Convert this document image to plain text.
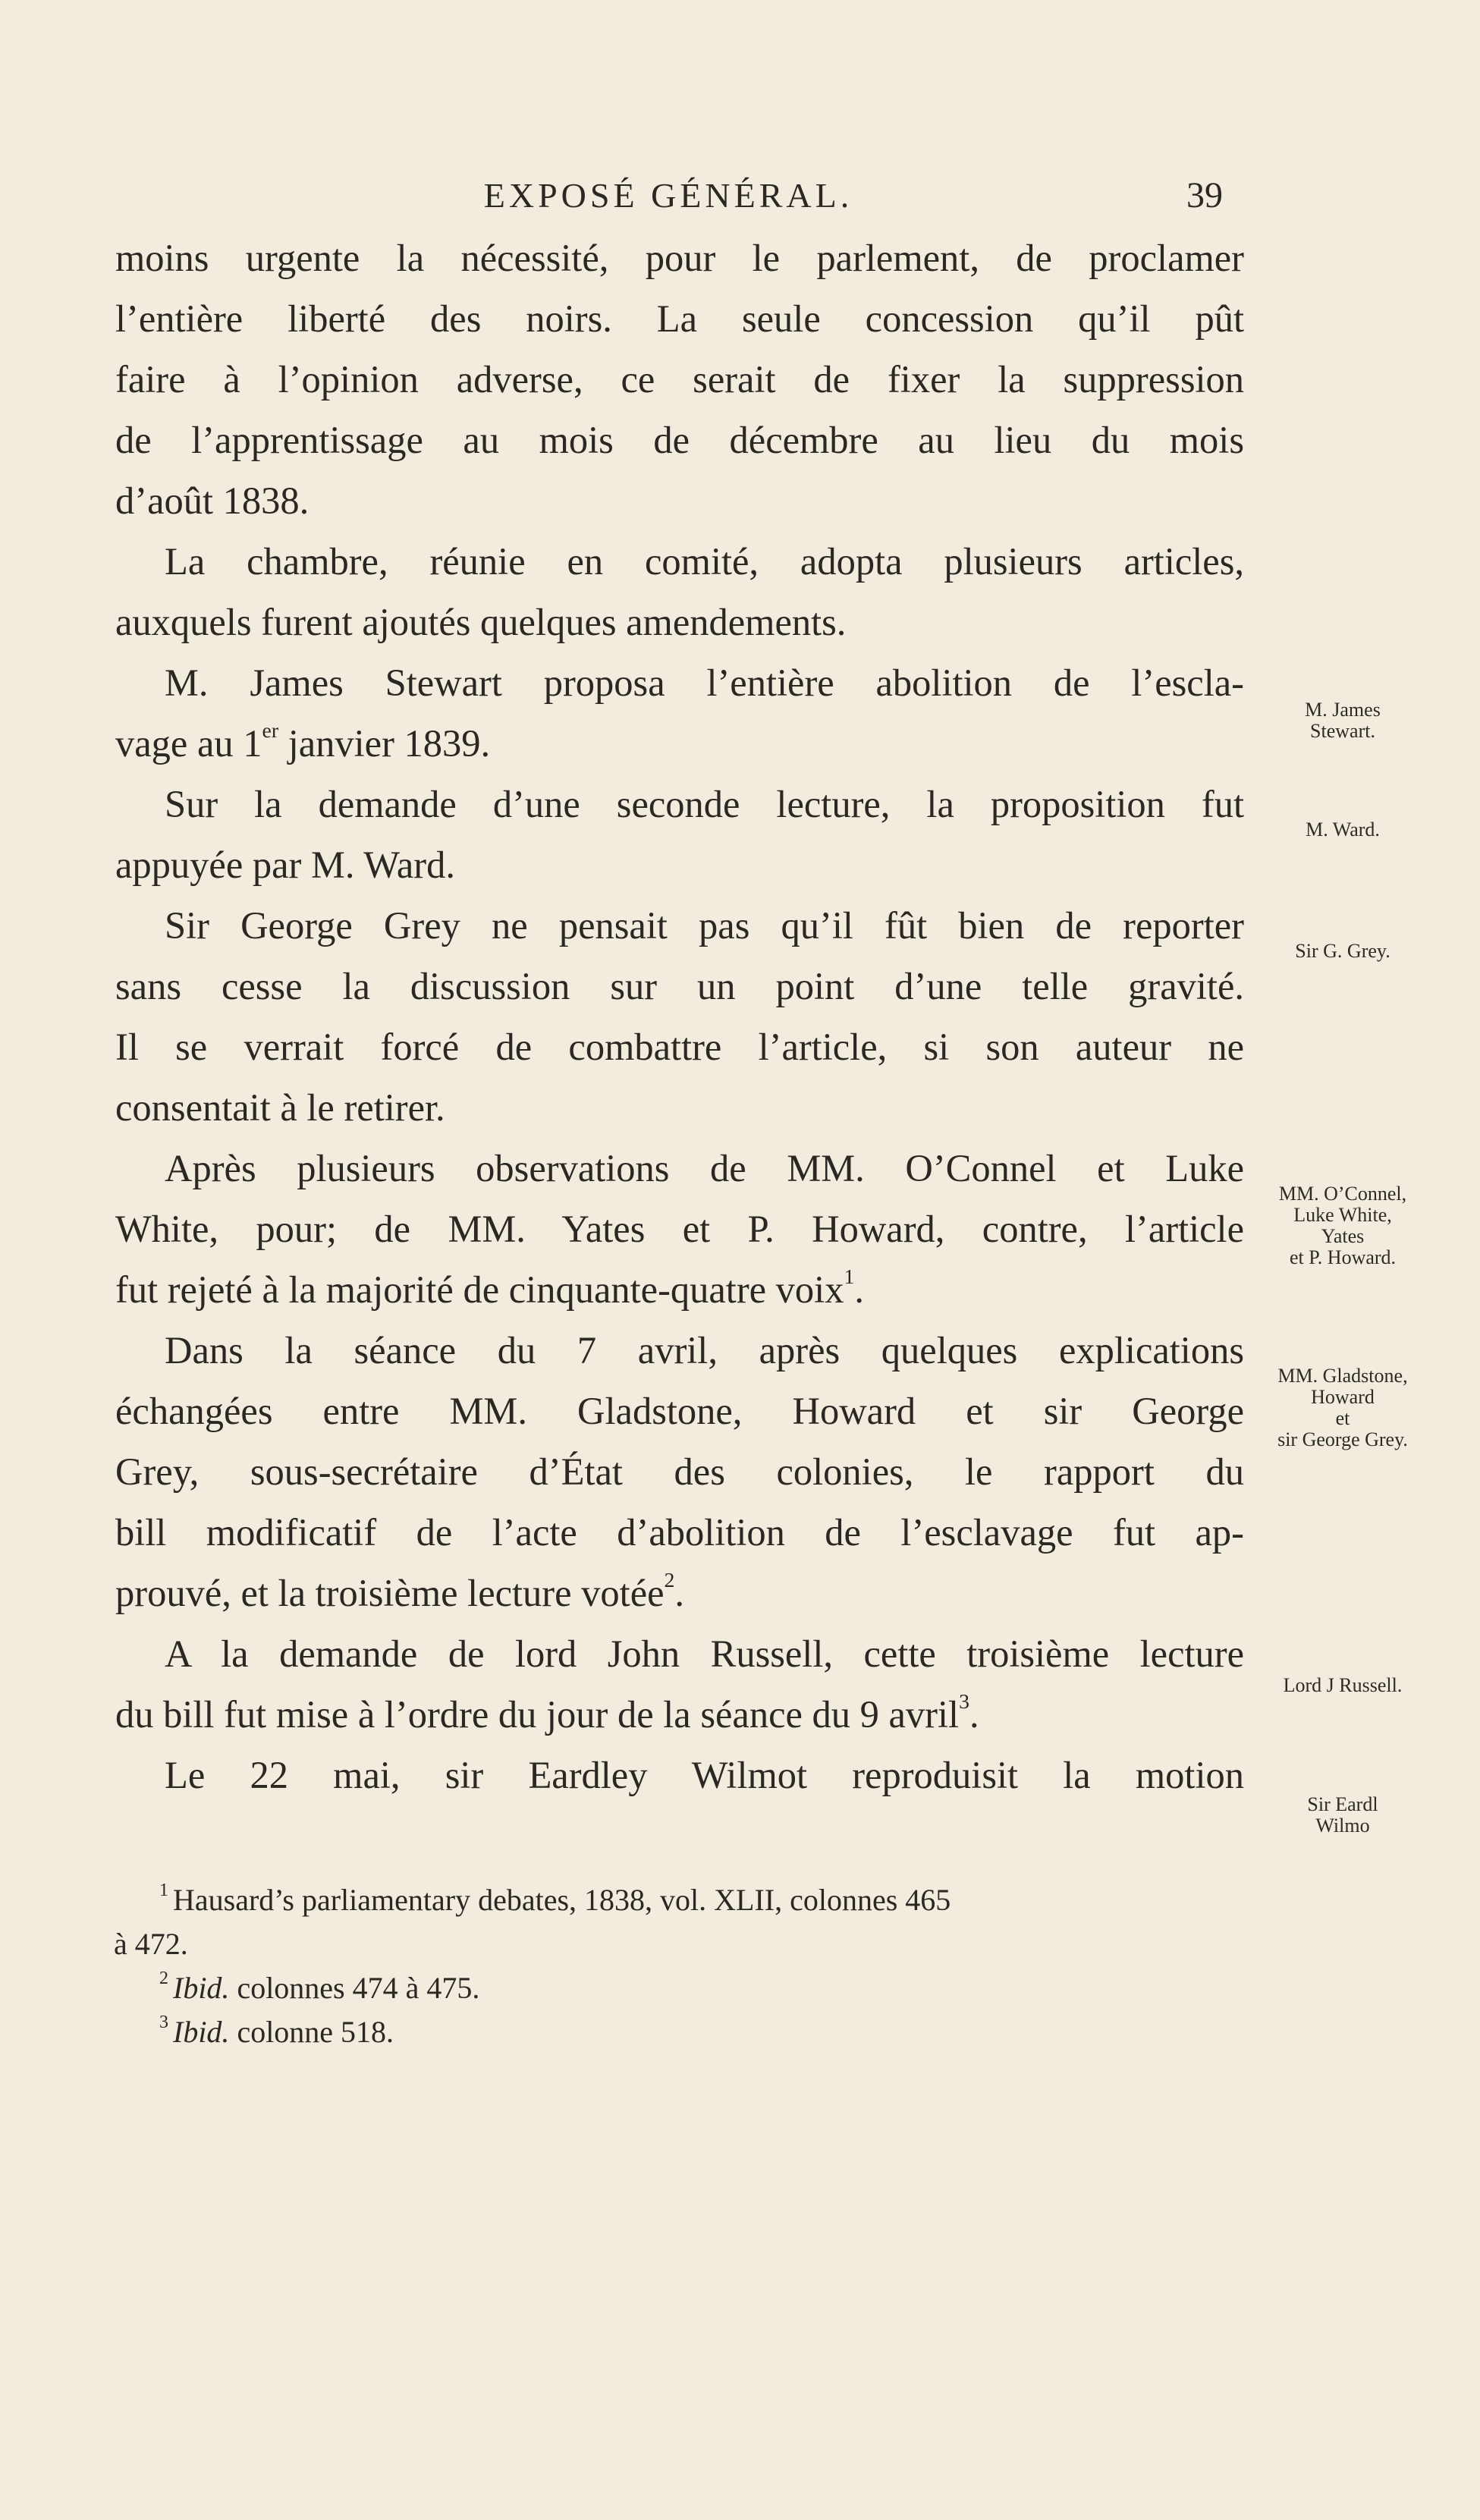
EXPOSÉ GÉNÉRAL.	39
moins urgente la nécessité, pour le parlement, de proclamer
l’entière liberté des noirs. La seule concession qu’il pût
faire à l’opinion adverse, ce serait de fixer la suppression
de l’apprentissage au mois de décembre au lieu du mois
d’août 1838.
La chambre, réunie en comité, adopta plusieurs articles,
auxquels furent ajoutés quelques amendements.
M. James Stewart proposa l’entière abolition de l’escla-
vage au 1er janvier 1839.
Sur la demande d’une seconde lecture, la proposition fut
appuyée par M. Ward.
Sir George Grey ne pensait pas qu’il fût bien de reporter
sans cesse la discussion sur un point d’une telle gravité.
Il se verrait forcé de combattre l’article, si son auteur ne
consentait à le retirer.
Après plusieurs observations de MM. O’Connel et Luke
White, pour; de MM. Yates et P. Howard, contre, l’article
fut rejeté à la majorité de cinquante-quatre voix$^1$.
Dans la séance du 7 avril, après quelques explications
échangées entre MM. Gladstone, Howard et sir George
Grey, sous-secrétaire d’État des colonies, le rapport du
bill modificatif de l’acte d’abolition de l’esclavage fut ap-
prouvé, et la troisième lecture votée$^2$.
A la demande de lord John Russell, cette troisième lecture
du bill fut mise à l’ordre du jour de la séance du 9 avril$^3$.
Le 22 mai, sir Eardley Wilmot reproduisit la motion
M. James
Stewart.
M. Ward.
Sir G. Grey.
MM. O’Connel,
Luke White,
Yates
et P. Howard.
MM. Gladstone,
Howard
et
sir George Grey.
Lord J Russell.
Sir Eardl
Wilmo
$^1$ Hausard’s parliamentary debates, 1838, vol. XLII, colonnes 465
à 472.
$^2$ Ibid. colonnes 474 à 475.
$^3$ Ibid. colonne 518.
